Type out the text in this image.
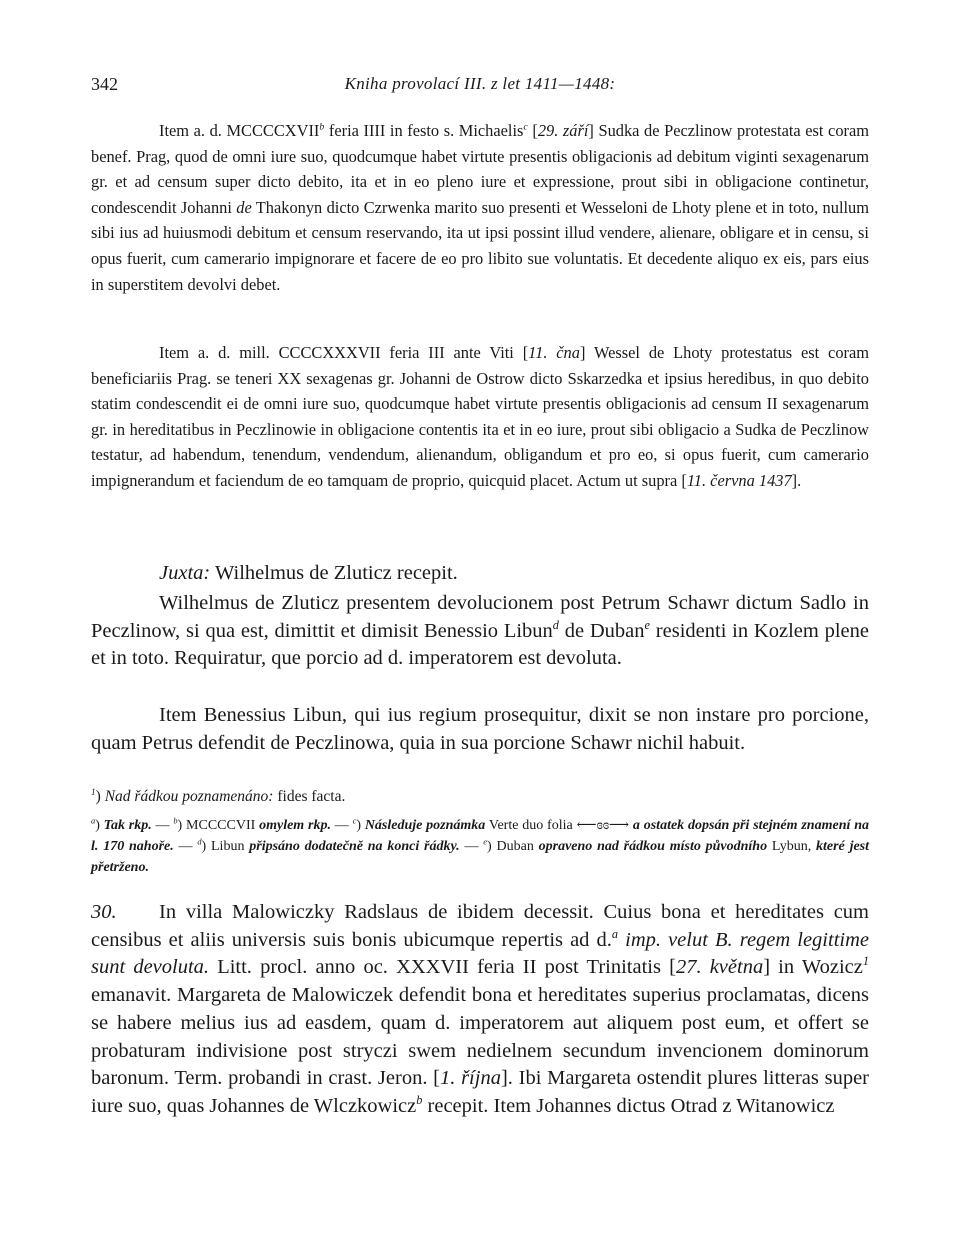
342	Kniha provolací III. z let 1411—1448:

Item a. d. MCCCCXVII$^b$ feria IIII in festo s. Michaelis$^c$ [29. září] Sudka de Peczlinow protestata est coram benef. Prag, quod de omni iure suo, quodcumque habet virtute presentis obligacionis ad debitum viginti sexagenarum gr. et ad censum super dicto debito, ita et in eo pleno iure et expressione, prout sibi in obligacione continetur, condescendit Johanni de Thakonyn dicto Czrwenka marito suo presenti et Wesseloni de Lhoty plene et in toto, nullum sibi ius ad huiusmodi debitum et censum reservando, ita ut ipsi possint illud vendere, alienare, obligare et in censu, si opus fuerit, cum camerario impignorare et facere de eo pro libito sue voluntatis. Et decedente aliquo ex eis, pars eius in superstitem devolvi debet.

Item a. d. mill. CCCCXXXVII feria III ante Viti [11. čna] Wessel de Lhoty protestatus est coram beneficiariis Prag. se teneri XX sexagenas gr. Johanni de Ostrow dicto Sskarzedka et ipsius heredibus, in quo debito statim condescendit ei de omni iure suo, quodcumque habet virtute presentis obligacionis ad censum II sexagenarum gr. in hereditatibus in Peczlinowie in obligacione contentis ita et in eo iure, prout sibi obligacio a Sudka de Peczlinow testatur, ad habendum, tenendum, vendendum, alienandum, obligandum et pro eo, si opus fuerit, cum camerario impignerandum et faciendum de eo tamquam de proprio, quicquid placet. Actum ut supra [11. června 1437].

Juxta: Wilhelmus de Zluticz recepit.

Wilhelmus de Zluticz presentem devolucionem post Petrum Schawr dictum Sadlo in Peczlinow, si qua est, dimittit et dimisit Benessio Libun$^d$ de Duban$^e$ residenti in Kozlem plene et in toto. Requiratur, que porcio ad d. imperatorem est devoluta.

Item Benessius Libun, qui ius regium prosequitur, dixit se non instare pro porcione, quam Petrus defendit de Peczlinowa, quia in sua porcione Schawr nichil habuit.

$^1$) Nad řádkou poznamenáno: fides facta.

$^a$) Tak rkp. — $^b$) MCCCCVII omylem rkp. — $^c$) Následuje poznámka Verte duo folia ⟵ɞɞ⟶ a ostatek dopsán při stejném znamení na l. 170 nahoře. — $^d$) Libun připsáno dodatečně na konci řádky. — $^e$) Duban opraveno nad řádkou místo původního Lybun, které jest přetrženo.

30. In villa Malowiczky Radslaus de ibidem decessit. Cuius bona et hereditates cum censibus et aliis universis suis bonis ubicumque repertis ad d.$^a$ imp. velut B. regem legittime sunt devoluta. Litt. procl. anno oc. XXXVII feria II post Trinitatis [27. května] in Wozicz$^1$ emanavit. Margareta de Malowiczek defendit bona et hereditates superius proclamatas, dicens se habere melius ius ad easdem, quam d. imperatorem aut aliquem post eum, et offert se probaturam indivisione post stryczi swem nedielnem secundum invencionem dominorum baronum. Term. probandi in crast. Jeron. [1. října]. Ibi Margareta ostendit plures litteras super iure suo, quas Johannes de Wlczkowicz$^b$ recepit. Item Johannes dictus Otrad z Witanowicz
